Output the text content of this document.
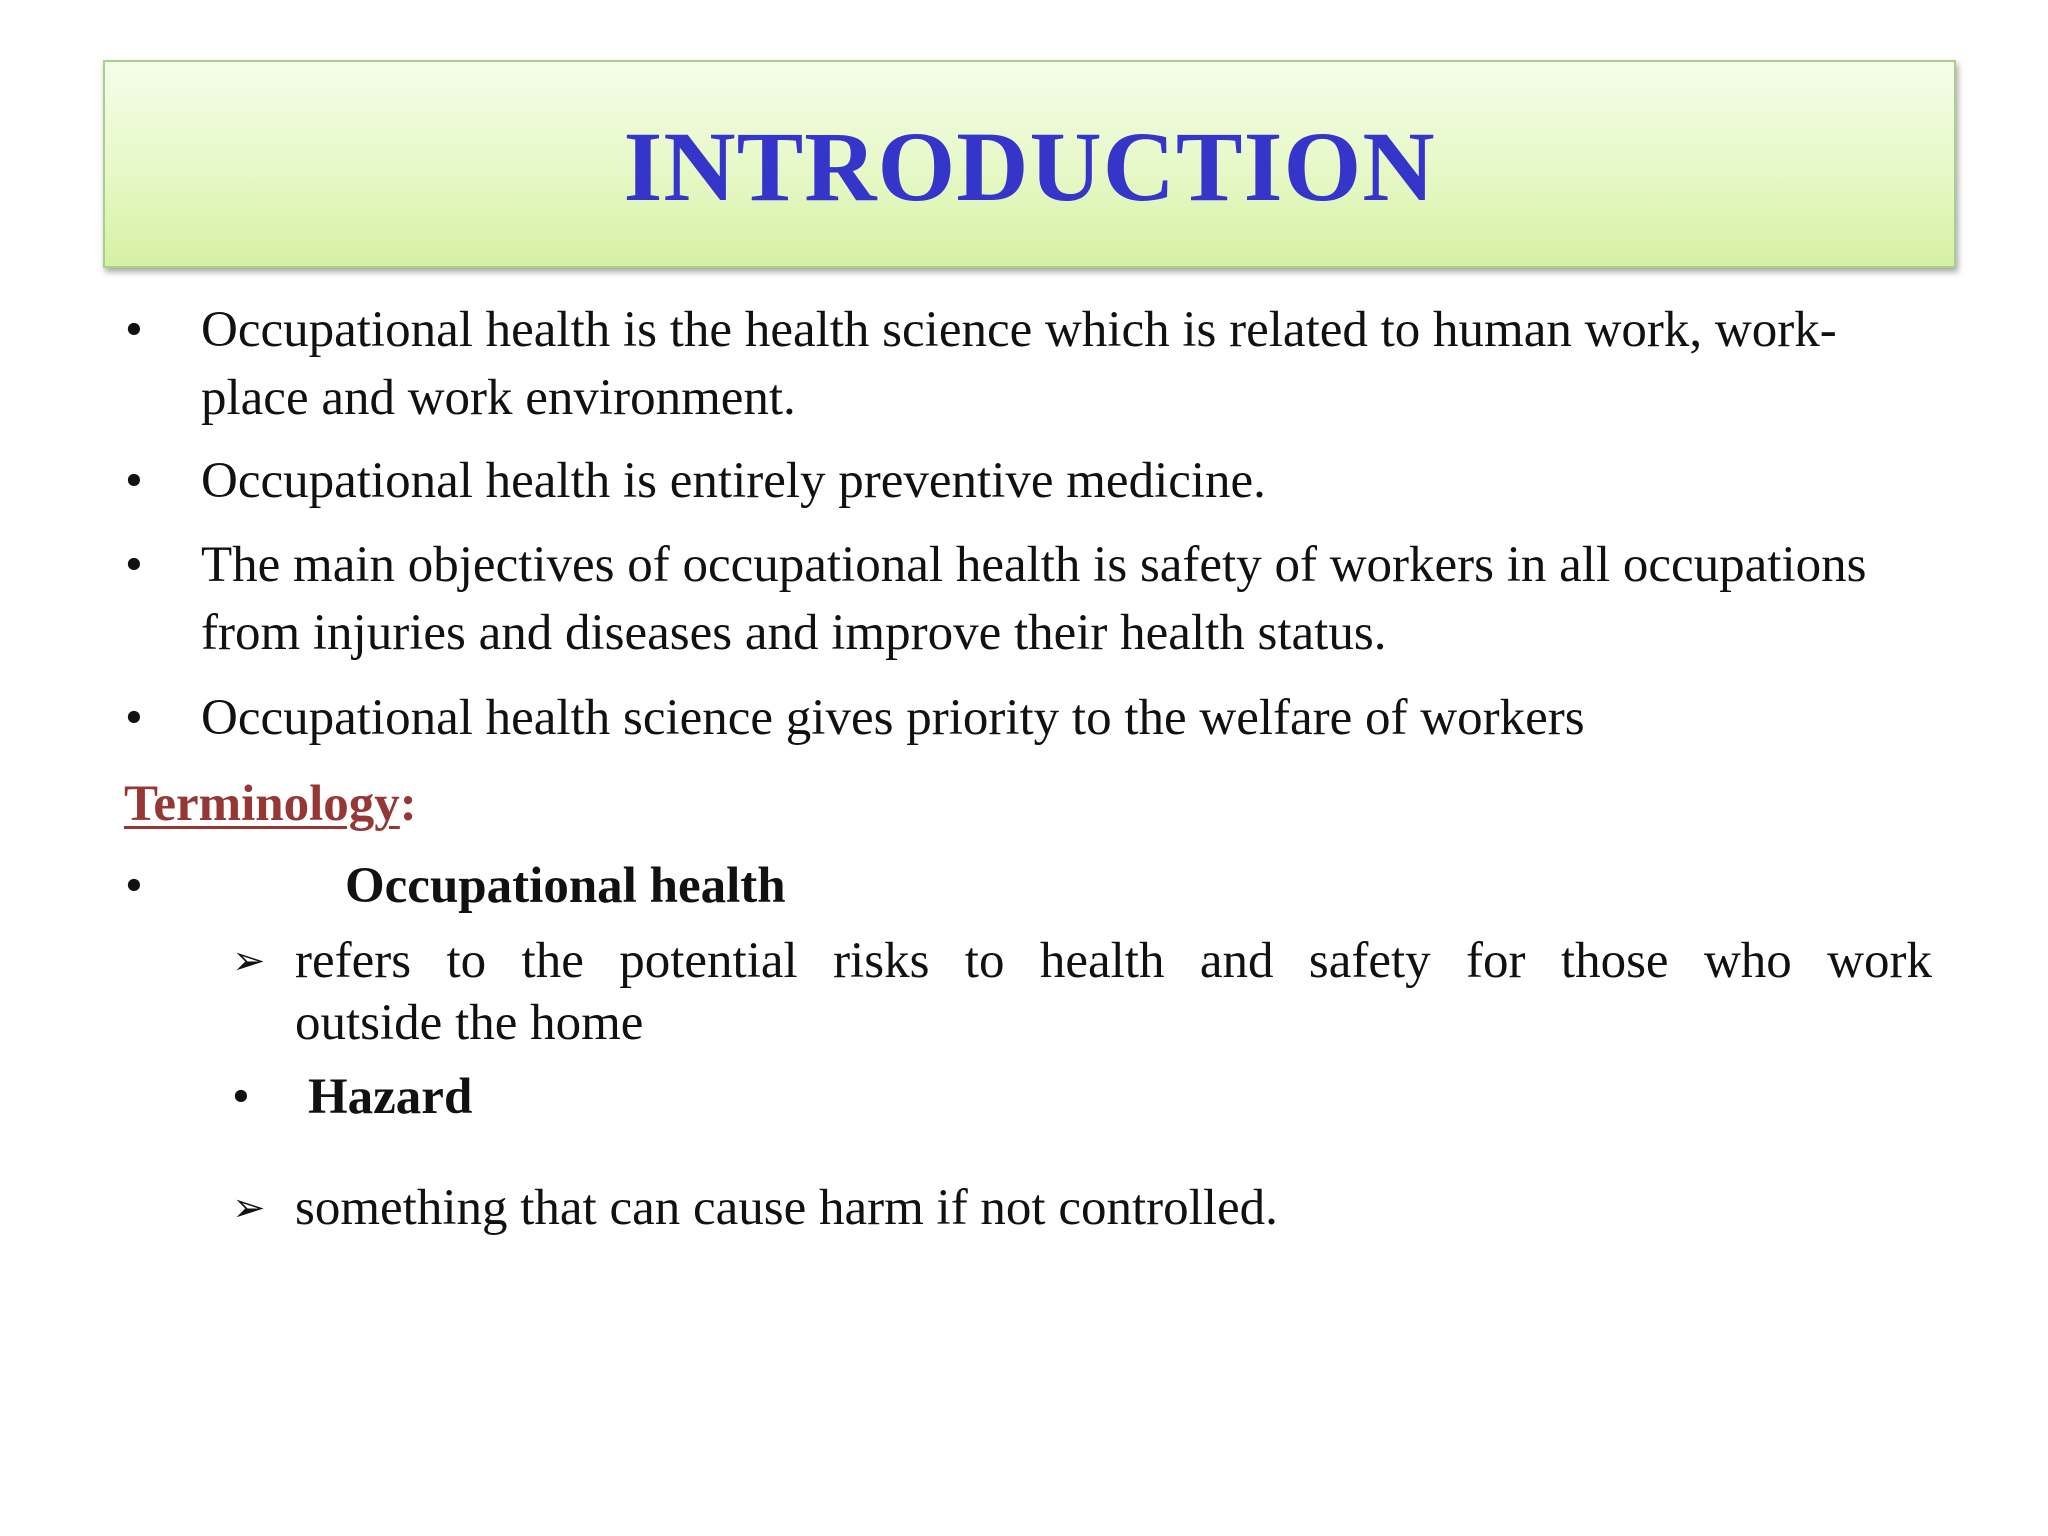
INTRODUCTION
• Occupational health is the health science which is related to human work, work-place and work environment.
• Occupational health is entirely preventive medicine.
• The main objectives of occupational health is safety of workers in all occupations from injuries and diseases and improve their health status.
• Occupational health science gives priority to the welfare of workers
Terminology:
•	Occupational health
➢ refers to the potential risks to health and safety for those who work
outside the home
• Hazard
➢ something that can cause harm if not controlled.
